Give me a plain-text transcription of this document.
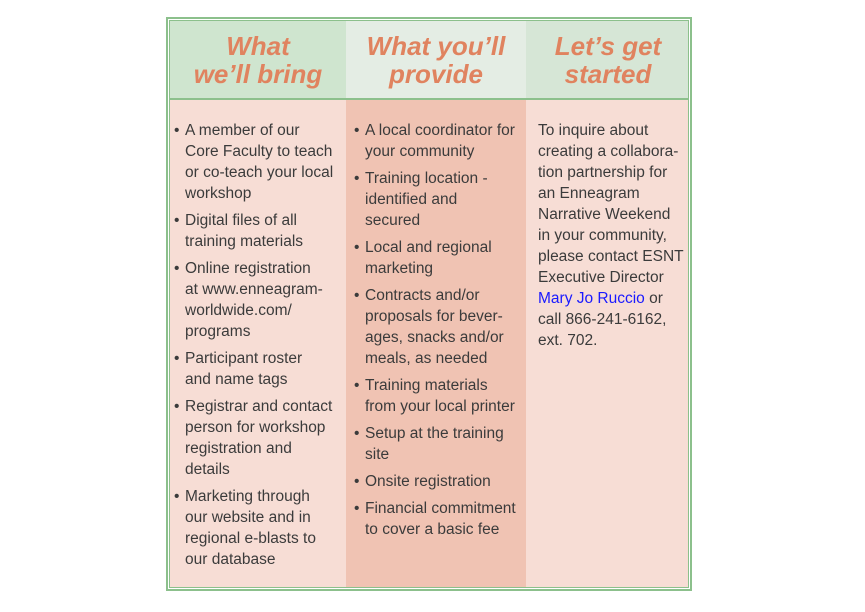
What
we’ll bring
What you’ll
provide
Let’s get
started
• A member of our
Core Faculty to teach
or co-teach your local
workshop
• Digital files of all
training materials
• Online registration
at www.enneagram-
worldwide.com/
programs
• Participant roster
and name tags
• Registrar and contact
person for workshop
registration and
details
• Marketing through
our website and in
regional e-blasts to
our database
• A local coordinator for
your community
• Training location -
identified and
secured
• Local and regional
marketing
• Contracts and/or
proposals for bever-
ages, snacks and/or
meals, as needed
• Training materials
from your local printer
• Setup at the training
site
• Onsite registration
• Financial commitment
to cover a basic fee
To inquire about
creating a collabora-
tion partnership for
an Enneagram
Narrative Weekend
in your community,
please contact ESNT
Executive Director
Mary Jo Ruccio or
call 866-241-6162,
ext. 702.
